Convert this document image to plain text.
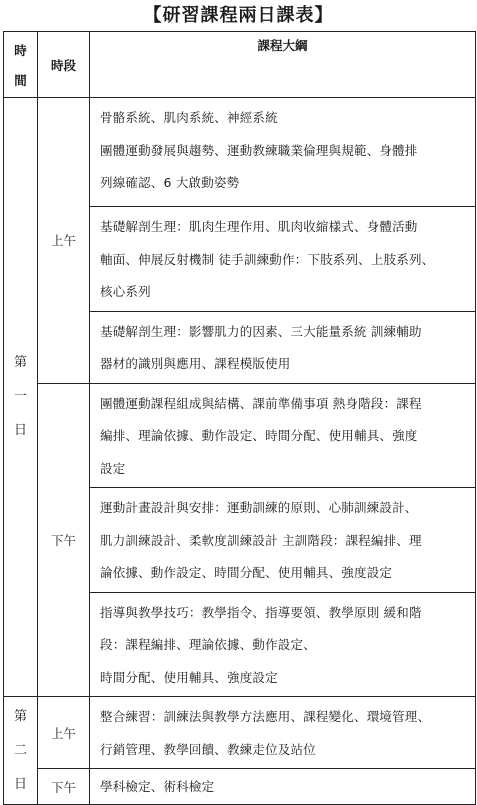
【研習課程兩日課表】
時
間	時段	課程大綱

第
一
日	上午	骨骼系統、肌肉系統、神經系統
團體運動發展與趨勢、運動教練職業倫理與規範、身體排
列線確認、6 大啟動姿勢

		基礎解剖生理：肌肉生理作用、肌肉收縮樣式、身體活動
軸面、伸展反射機制 徒手訓練動作：下肢系列、上肢系列、
核心系列

		基礎解剖生理：影響肌力的因素、三大能量系統 訓練輔助
器材的識別與應用、課程模版使用

	下午	團體運動課程組成與結構、課前準備事項 熱身階段：課程
編排、理論依據、動作設定、時間分配、使用輔具、強度
設定

		運動計畫設計與安排：運動訓練的原則、心肺訓練設計、
肌力訓練設計、柔軟度訓練設計 主訓階段：課程編排、理
論依據、動作設定、時間分配、使用輔具、強度設定

		指導與教學技巧：教學指令、指導要領、教學原則 緩和階
段：課程編排、理論依據、動作設定、
時間分配、使用輔具、強度設定

第
二
日	上午	整合練習：訓練法與教學方法應用、課程變化、環境管理、
行銷管理、教學回饋、教練走位及站位

	下午	學科檢定、術科檢定
